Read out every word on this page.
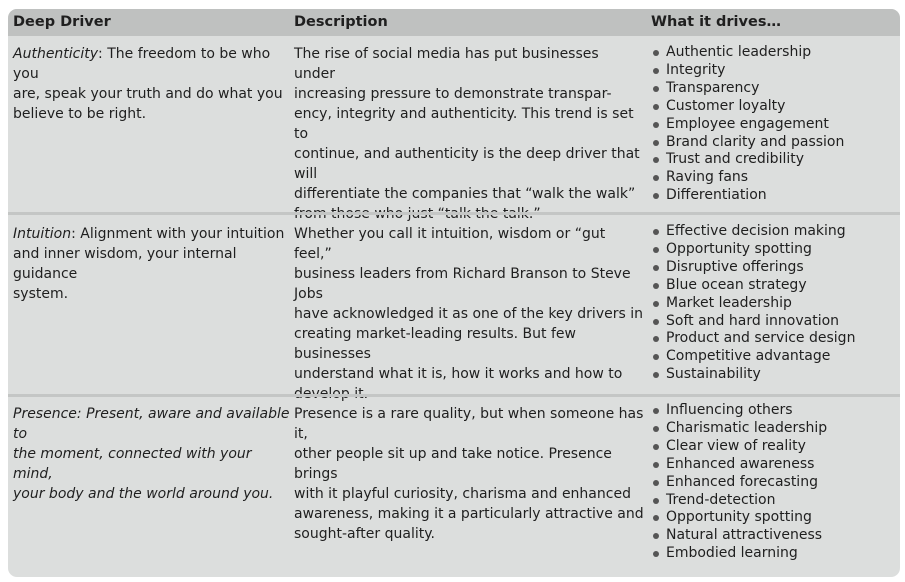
Deep Driver	Description	What it drives…
Authenticity: The freedom to be who you
are, speak your truth and do what you
believe to be right.
The rise of social media has put businesses under
increasing pressure to demonstrate transpar-
ency, integrity and authenticity. This trend is set to
continue, and authenticity is the deep driver that will
differentiate the companies that “walk the walk”
Authentic leadership
Integrity
Transparency
Customer loyalty
Employee engagement
Brand clarity and passion
Trust and credibility
Raving fans
Differentiation
Intuition: Alignment with your intuition
and inner wisdom, your internal guidance
system.
Whether you call it intuition, wisdom or “gut feel,”
business leaders from Richard Branson to Steve Jobs
have acknowledged it as one of the key drivers in
creating market-leading results. But few businesses
understand what it is, how it works and how to
Effective decision making
Opportunity spotting
Disruptive offerings
Blue ocean strategy
Market leadership
Soft and hard innovation
Product and service design
Competitive advantage
Sustainability
Presence: Present, aware and available to
the moment, connected with your mind,
your body and the world around you.
Presence is a rare quality, but when someone has it,
other people sit up and take notice. Presence brings
with it playful curiosity, charisma and enhanced
awareness, making it a particularly attractive and
sought-after quality.
Influencing others
Charismatic leadership
Clear view of reality
Enhanced awareness
Enhanced forecasting
Trend-detection
Opportunity spotting
Natural attractiveness
Embodied learning
